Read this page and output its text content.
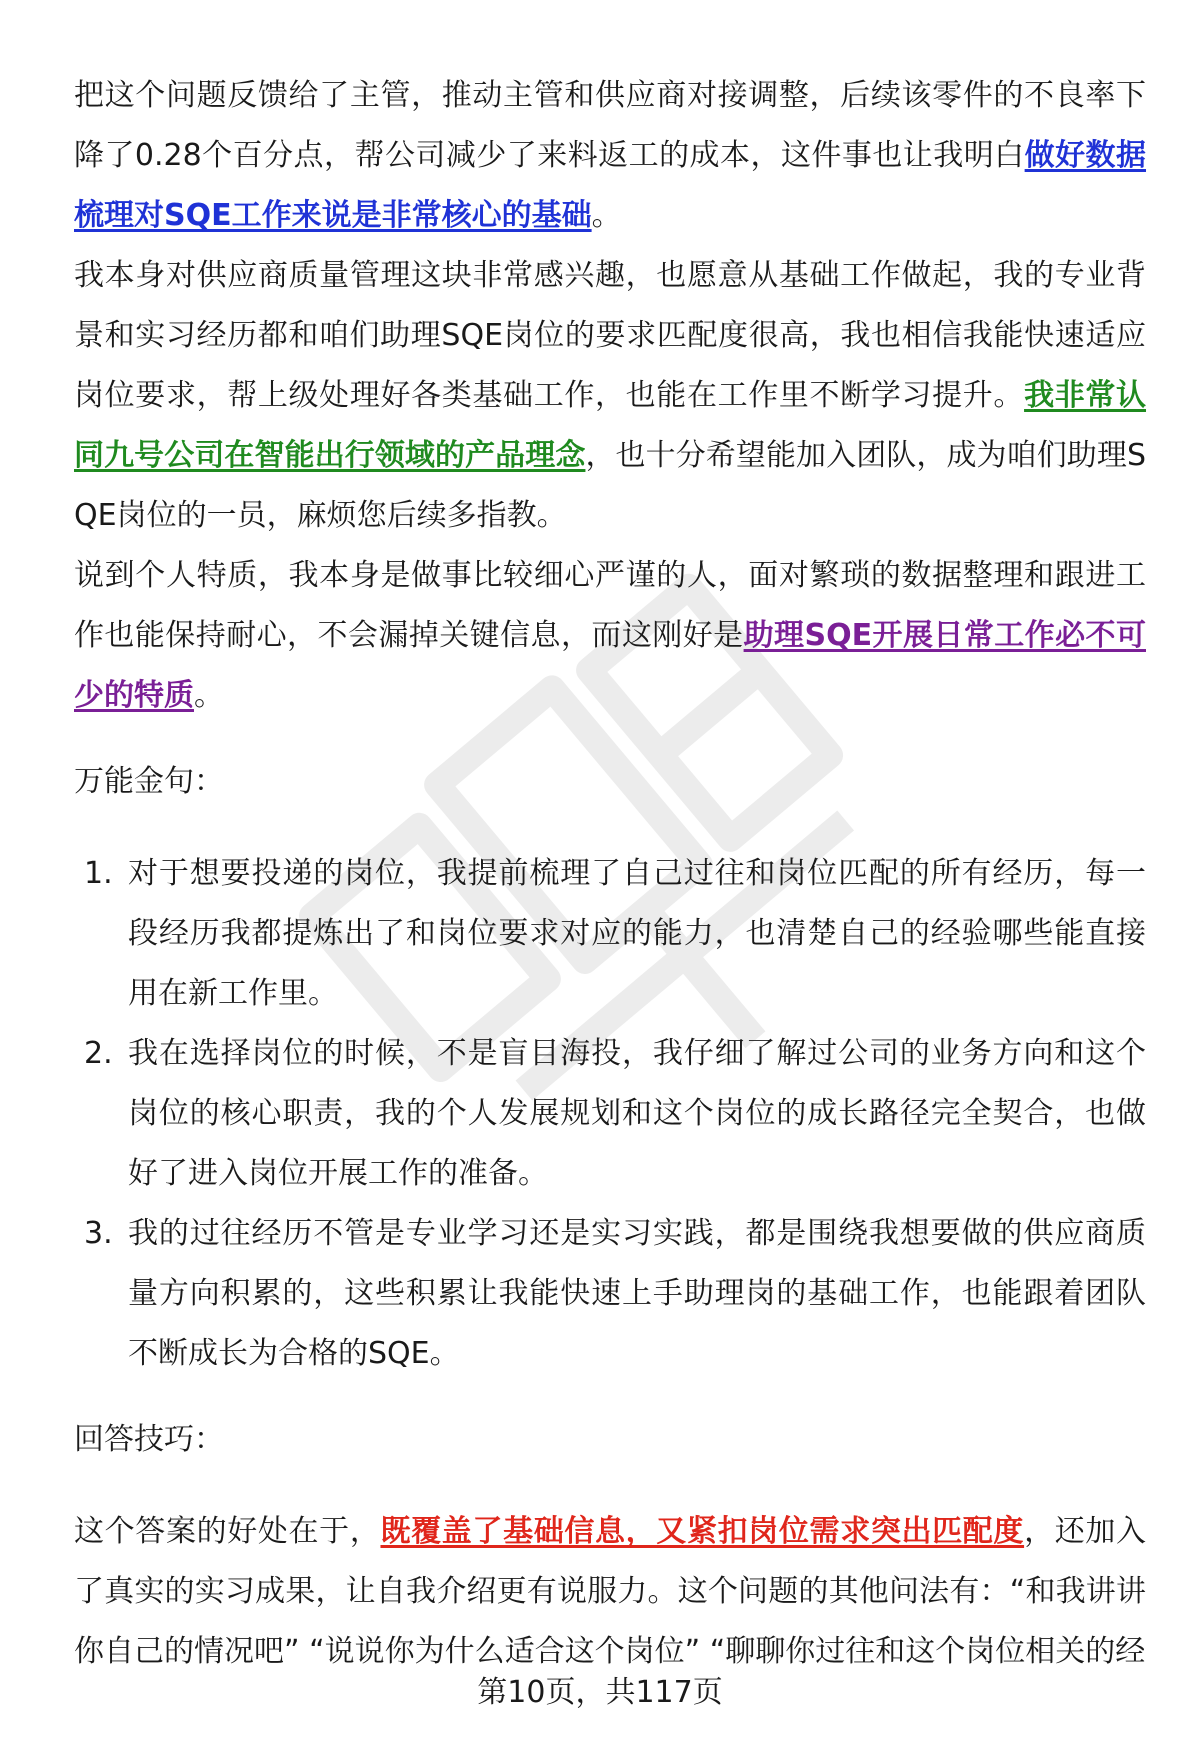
把这个问题反馈给了主管，推动主管和供应商对接调整，后续该零件的不良率下降了0.28个百分点，帮公司减少了来料返工的成本，这件事也让我明白做好数据梳理对SQE工作来说是非常核心的基础。

我本身对供应商质量管理这块非常感兴趣，也愿意从基础工作做起，我的专业背景和实习经历都和咱们助理SQE岗位的要求匹配度很高，我也相信我能快速适应岗位要求，帮上级处理好各类基础工作，也能在工作里不断学习提升。我非常认同九号公司在智能出行领域的产品理念，也十分希望能加入团队，成为咱们助理SQE岗位的一员，麻烦您后续多指教。

说到个人特质，我本身是做事比较细心严谨的人，面对繁琐的数据整理和跟进工作也能保持耐心，不会漏掉关键信息，而这刚好是助理SQE开展日常工作必不可少的特质。

万能金句：
1. 对于想要投递的岗位，我提前梳理了自己过往和岗位匹配的所有经历，每一段经历我都提炼出了和岗位要求对应的能力，也清楚自己的经验哪些能直接用在新工作里。
2. 我在选择岗位的时候，不是盲目海投，我仔细了解过公司的业务方向和这个岗位的核心职责，我的个人发展规划和这个岗位的成长路径完全契合，也做好了进入岗位开展工作的准备。
3. 我的过往经历不管是专业学习还是实习实践，都是围绕我想要做的供应商质量方向积累的，这些积累让我能快速上手助理岗的基础工作，也能跟着团队不断成长为合格的SQE。
回答技巧：

这个答案的好处在于，既覆盖了基础信息，又紧扣岗位需求突出匹配度，还加入了真实的实习成果，让自我介绍更有说服力。这个问题的其他问法有：“和我讲讲你自己的情况吧” “说说你为什么适合这个岗位” “聊聊你过往和这个岗位相关的经

第10页，共117页
